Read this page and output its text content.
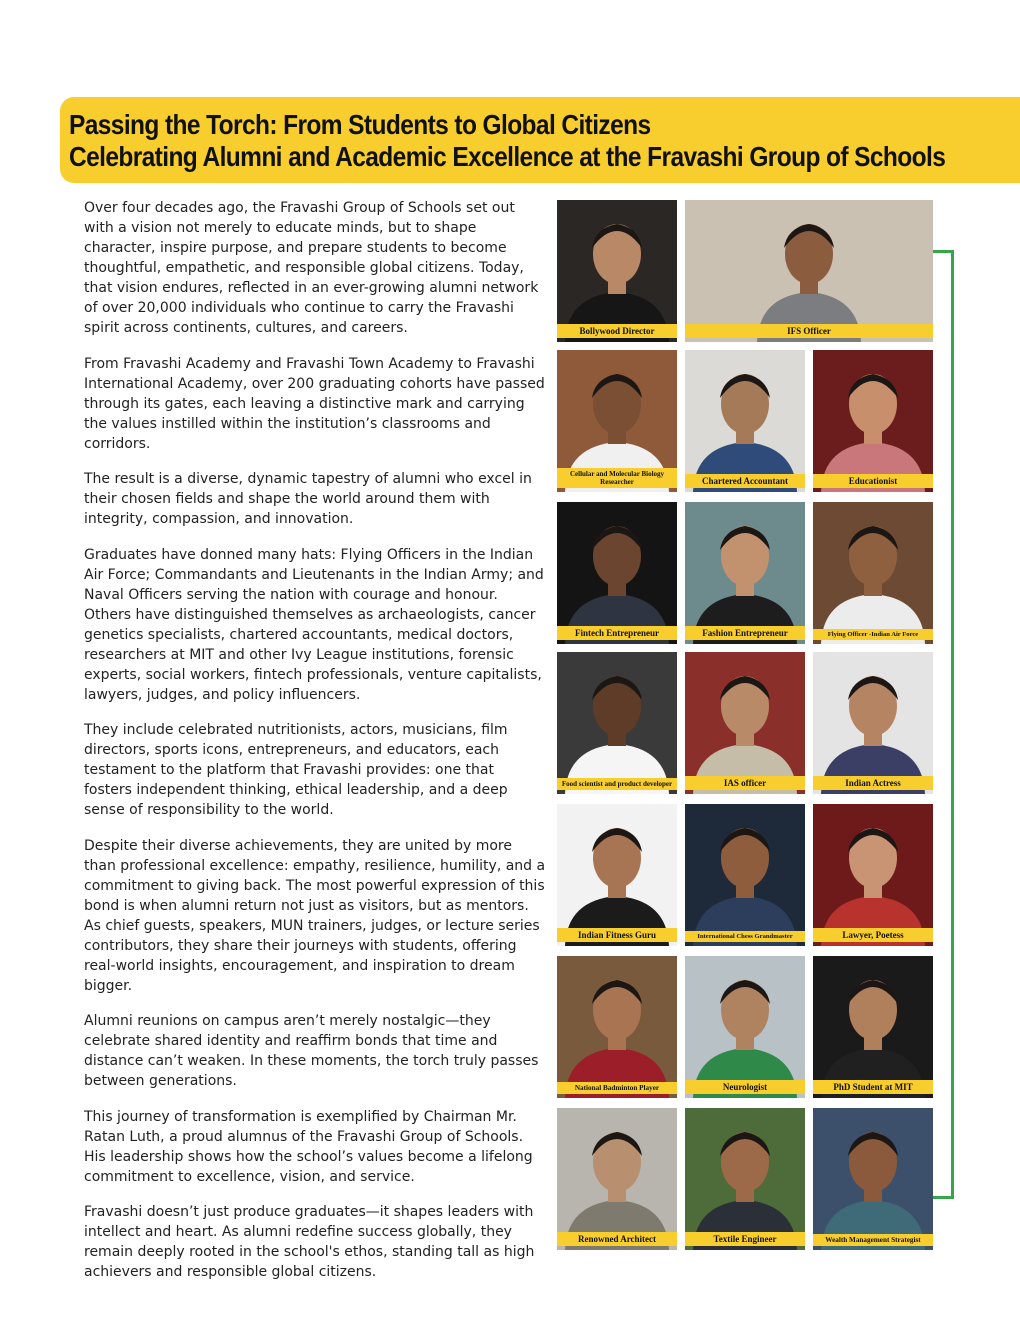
Passing the Torch: From Students to Global Citizens
Celebrating Alumni and Academic Excellence at the Fravashi Group of Schools

Over four decades ago, the Fravashi Group of Schools set out with a vision not merely to educate minds, but to shape character, inspire purpose, and prepare students to become thoughtful, empathetic, and responsible global citizens. Today, that vision endures, reflected in an ever-growing alumni network of over 20,000 individuals who continue to carry the Fravashi spirit across continents, cultures, and careers.

From Fravashi Academy and Fravashi Town Academy to Fravashi International Academy, over 200 graduating cohorts have passed through its gates, each leaving a distinctive mark and carrying the values instilled within the institution’s classrooms and corridors.

The result is a diverse, dynamic tapestry of alumni who excel in their chosen fields and shape the world around them with integrity, compassion, and innovation.

Graduates have donned many hats: Flying Officers in the Indian Air Force; Commandants and Lieutenants in the Indian Army; and Naval Officers serving the nation with courage and honour. Others have distinguished themselves as archaeologists, cancer genetics specialists, chartered accountants, medical doctors, researchers at MIT and other Ivy League institutions, forensic experts, social workers, fintech professionals, venture capitalists, lawyers, judges, and policy influencers.

They include celebrated nutritionists, actors, musicians, film directors, sports icons, entrepreneurs, and educators, each testament to the platform that Fravashi provides: one that fosters independent thinking, ethical leadership, and a deep sense of responsibility to the world.

Despite their diverse achievements, they are united by more than professional excellence: empathy, resilience, humility, and a commitment to giving back. The most powerful expression of this bond is when alumni return not just as visitors, but as mentors. As chief guests, speakers, MUN trainers, judges, or lecture series contributors, they share their journeys with students, offering real-world insights, encouragement, and inspiration to dream bigger.

Alumni reunions on campus aren’t merely nostalgic—they celebrate shared identity and reaffirm bonds that time and distance can’t weaken. In these moments, the torch truly passes between generations.

This journey of transformation is exemplified by Chairman Mr. Ratan Luth, a proud alumnus of the Fravashi Group of Schools. His leadership shows how the school’s values become a lifelong commitment to excellence, vision, and service.

Fravashi doesn’t just produce graduates—it shapes leaders with intellect and heart. As alumni redefine success globally, they remain deeply rooted in the school's ethos, standing tall as high achievers and responsible global citizens.

Bollywood Director	IFS Officer
Cellular and Molecular Biology Researcher	Chartered Accountant	Educationist
Fintech Entrepreneur	Fashion Entrepreneur	Flying Officer -Indian Air Force
Food scientist and product developer	IAS officer	Indian Actress
Indian Fitness Guru	International Chess Grandmaster	Lawyer, Poetess
National Badminton Player	Neurologist	PhD Student at MIT
Renowned Architect	Textile Engineer	Wealth Management Strategist
